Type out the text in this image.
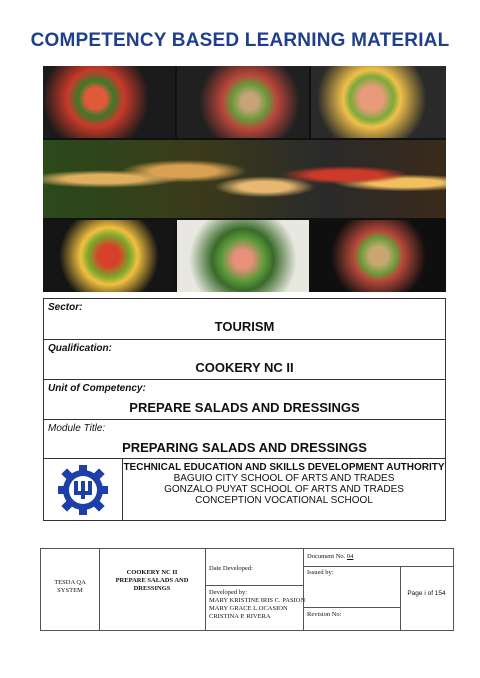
COMPETENCY BASED LEARNING MATERIAL
Sector:
TOURISM
Qualification:
COOKERY NC II
Unit of Competency:
PREPARE SALADS AND DRESSINGS
Module Title:
PREPARING SALADS AND DRESSINGS
TECHNICAL EDUCATION AND SKILLS DEVELOPMENT AUTHORITY
BAGUIO CITY SCHOOL OF ARTS AND TRADES
GONZALO PUYAT SCHOOL OF ARTS AND TRADES
CONCEPTION VOCATIONAL SCHOOL
TESDA QA
SYSTEM
COOKERY NC II
PREPARE SALADS AND
DRESSINGS
Date Developed:
Developed by:
MARY KRISTINE IRIS C. PASION
MARY GRACE L.OCASION
CRISTINA P. RIVERA
Document No. 04
Issued by:
Revision No:
Page i of 154
